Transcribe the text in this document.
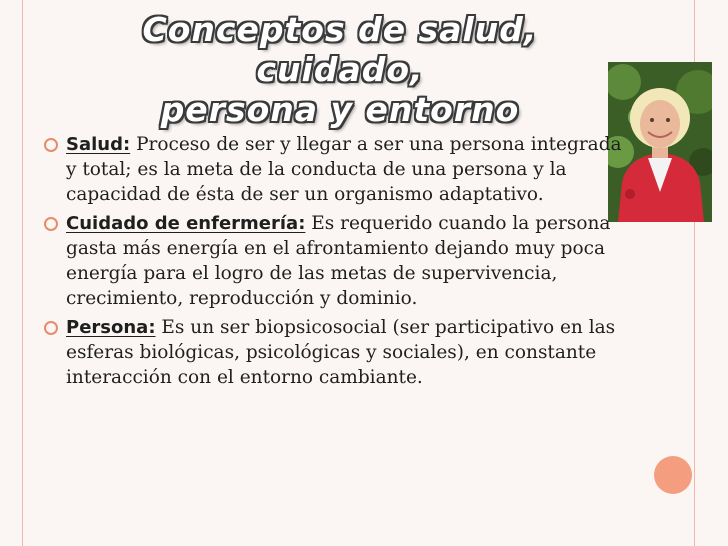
Conceptos de salud, cuidado,
persona y entorno
Salud: Proceso de ser y llegar a ser una persona integrada y total; es la meta de la conducta de una persona y la capacidad de ésta de ser un organismo adaptativo.
Cuidado de enfermería: Es requerido cuando la persona gasta más energía en el afrontamiento dejando muy poca energía para el logro de las metas de supervivencia, crecimiento, reproducción y dominio.
Persona: Es un ser biopsicosocial (ser participativo en las esferas biológicas, psicológicas y sociales), en constante interacción con el entorno cambiante.
